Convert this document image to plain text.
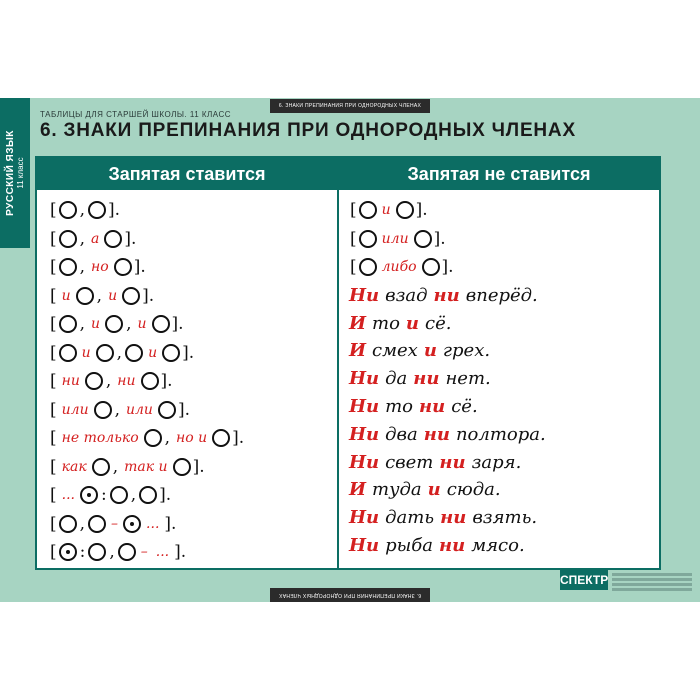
РУССКИЙ ЯЗЫК 11 класс
6. ЗНАКИ ПРЕПИНАНИЯ ПРИ ОДНОРОДНЫХ ЧЛЕНАХ
ТАБЛИЦЫ ДЛЯ СТАРШЕЙ ШКОЛЫ. 11 КЛАСС
6. ЗНАКИ ПРЕПИНАНИЯ ПРИ ОДНОРОДНЫХ ЧЛЕНАХ
Запятая ставится	Запятая не ставится
[ , ].
[ , а ].
[ , но ].
[ и , и ].
[ , и , и ].
[ и , и ].
[ ни , ни ].
[ или , или ].
[ не только , но и ].
[ как , так и ].
[ ... : , ].
[ , – ... ].
[ : , – ... ].
[ и ].
[ или ].
[ либо ].
Ни взад ни вперёд.
И то и сё.
И смех и грех.
Ни да ни нет.
Ни то ни сё.
Ни два ни полтора.
Ни свет ни заря.
И туда и сюда.
Ни дать ни взять.
Ни рыба ни мясо.
СПЕКТР
6. ЗНАКИ ПРЕПИНАНИЯ ПРИ ОДНОРОДНЫХ ЧЛЕНАХ
